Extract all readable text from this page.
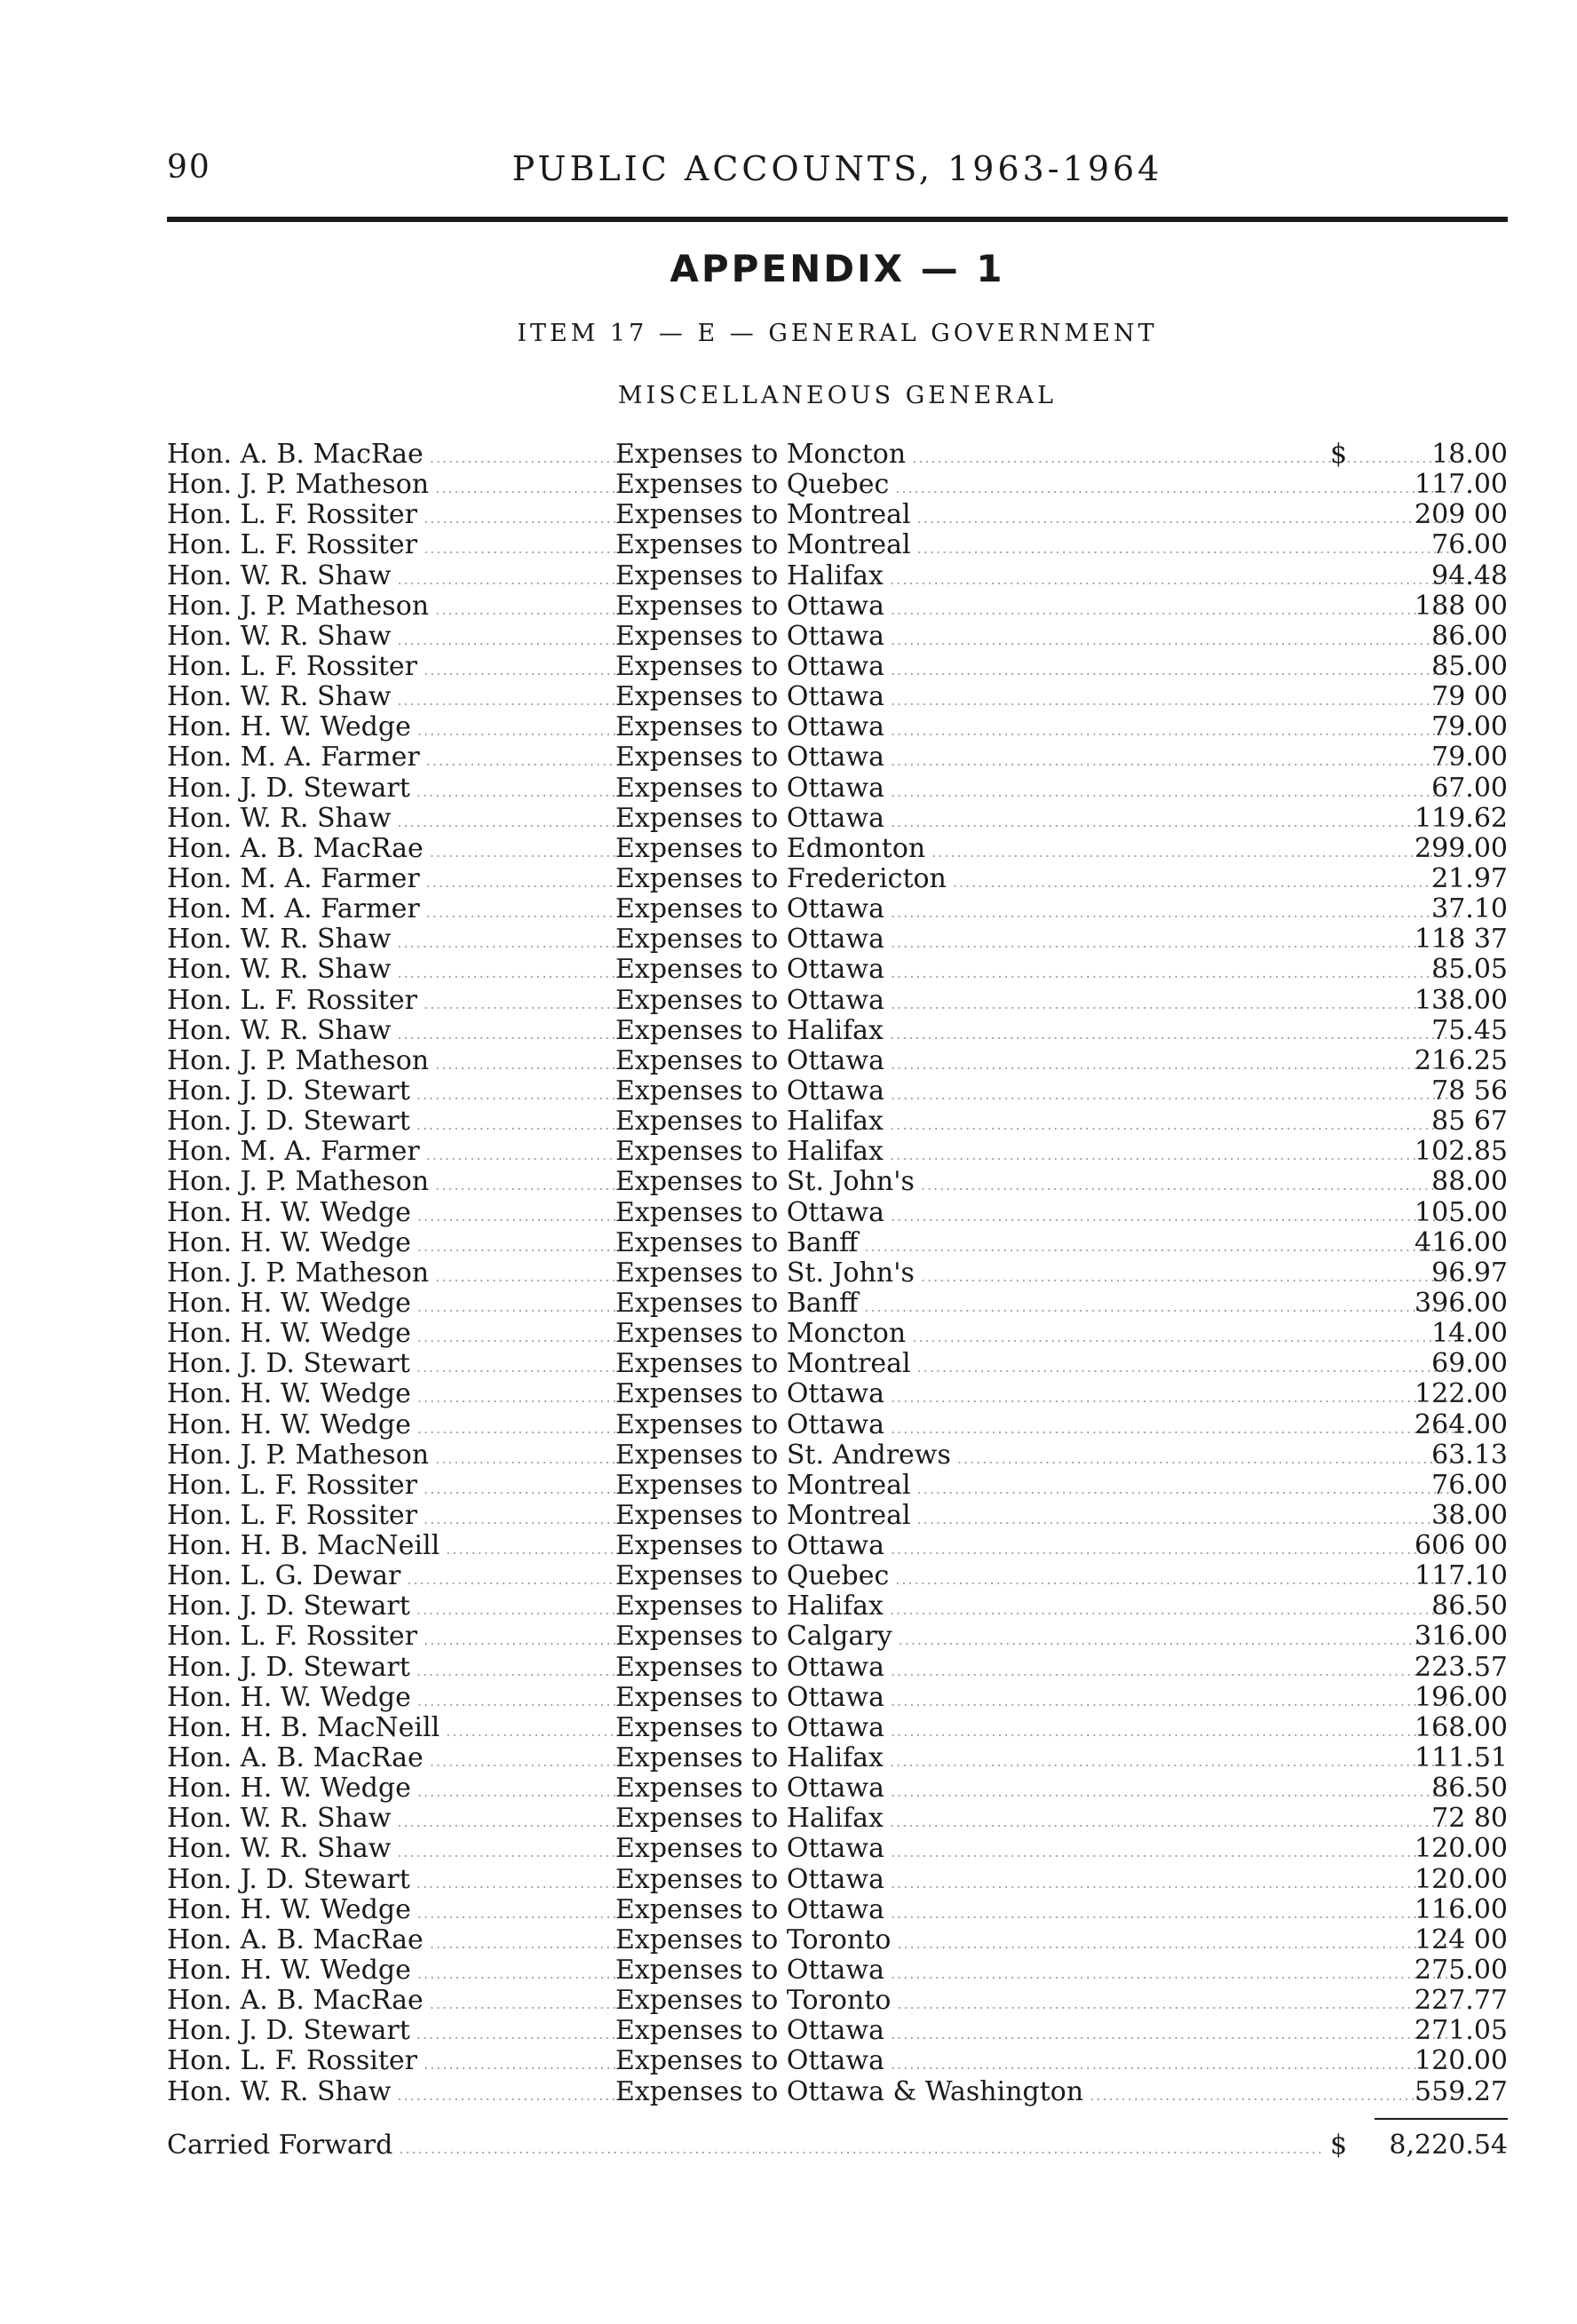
90	PUBLIC ACCOUNTS, 1963-1964
APPENDIX — 1
ITEM 17 — E — GENERAL GOVERNMENT
MISCELLANEOUS GENERAL
Hon. A. B. MacRae .....	Expenses to Moncton .....	$	18.00
Hon. J. P. Matheson .....	Expenses to Quebec .....	117.00
Hon. L. F. Rossiter .....	Expenses to Montreal .....	209 00
Hon. L. F. Rossiter .....	Expenses to Montreal .....	76.00
Hon. W. R. Shaw .....	Expenses to Halifax .....	94.48
Hon. J. P. Matheson .....	Expenses to Ottawa .....	188 00
Hon. W. R. Shaw .....	Expenses to Ottawa .....	86.00
Hon. L. F. Rossiter .....	Expenses to Ottawa .....	85.00
Hon. W. R. Shaw .....	Expenses to Ottawa .....	79 00
Hon. H. W. Wedge .....	Expenses to Ottawa .....	79.00
Hon. M. A. Farmer .....	Expenses to Ottawa .....	79.00
Hon. J. D. Stewart .....	Expenses to Ottawa .....	67.00
Hon. W. R. Shaw .....	Expenses to Ottawa .....	119.62
Hon. A. B. MacRae .....	Expenses to Edmonton .....	299.00
Hon. M. A. Farmer .....	Expenses to Fredericton .....	21.97
Hon. M. A. Farmer .....	Expenses to Ottawa .....	37.10
Hon. W. R. Shaw .....	Expenses to Ottawa .....	118 37
Hon. W. R. Shaw .....	Expenses to Ottawa .....	85.05
Hon. L. F. Rossiter .....	Expenses to Ottawa .....	138.00
Hon. W. R. Shaw .....	Expenses to Halifax .....	75.45
Hon. J. P. Matheson .....	Expenses to Ottawa .....	216.25
Hon. J. D. Stewart .....	Expenses to Ottawa .....	78 56
Hon. J. D. Stewart .....	Expenses to Halifax .....	85 67
Hon. M. A. Farmer .....	Expenses to Halifax .....	102.85
Hon. J. P. Matheson .....	Expenses to St. John's .....	88.00
Hon. H. W. Wedge .....	Expenses to Ottawa .....	105.00
Hon. H. W. Wedge .....	Expenses to Banff .....	416.00
Hon. J. P. Matheson .....	Expenses to St. John's .....	96.97
Hon. H. W. Wedge .....	Expenses to Banff .....	396.00
Hon. H. W. Wedge .....	Expenses to Moncton .....	14.00
Hon. J. D. Stewart .....	Expenses to Montreal .....	69.00
Hon. H. W. Wedge .....	Expenses to Ottawa .....	122.00
Hon. H. W. Wedge .....	Expenses to Ottawa .....	264.00
Hon. J. P. Matheson .....	Expenses to St. Andrews .....	63.13
Hon. L. F. Rossiter .....	Expenses to Montreal .....	76.00
Hon. L. F. Rossiter .....	Expenses to Montreal .....	38.00
Hon. H. B. MacNeill .....	Expenses to Ottawa .....	606 00
Hon. L. G. Dewar .....	Expenses to Quebec .....	117.10
Hon. J. D. Stewart .....	Expenses to Halifax .....	86.50
Hon. L. F. Rossiter .....	Expenses to Calgary .....	316.00
Hon. J. D. Stewart .....	Expenses to Ottawa .....	223.57
Hon. H. W. Wedge .....	Expenses to Ottawa .....	196.00
Hon. H. B. MacNeill .....	Expenses to Ottawa .....	168.00
Hon. A. B. MacRae .....	Expenses to Halifax .....	111.51
Hon. H. W. Wedge .....	Expenses to Ottawa .....	86.50
Hon. W. R. Shaw .....	Expenses to Halifax .....	72 80
Hon. W. R. Shaw .....	Expenses to Ottawa .....	120.00
Hon. J. D. Stewart .....	Expenses to Ottawa .....	120.00
Hon. H. W. Wedge .....	Expenses to Ottawa .....	116.00
Hon. A. B. MacRae .....	Expenses to Toronto .....	124 00
Hon. H. W. Wedge .....	Expenses to Ottawa .....	275.00
Hon. A. B. MacRae .....	Expenses to Toronto .....	227.77
Hon. J. D. Stewart .....	Expenses to Ottawa .....	271.05
Hon. L. F. Rossiter .....	Expenses to Ottawa .....	120.00
Hon. W. R. Shaw .....	Expenses to Ottawa & Washington .....	559.27
Carried Forward .....	$	8,220.54
